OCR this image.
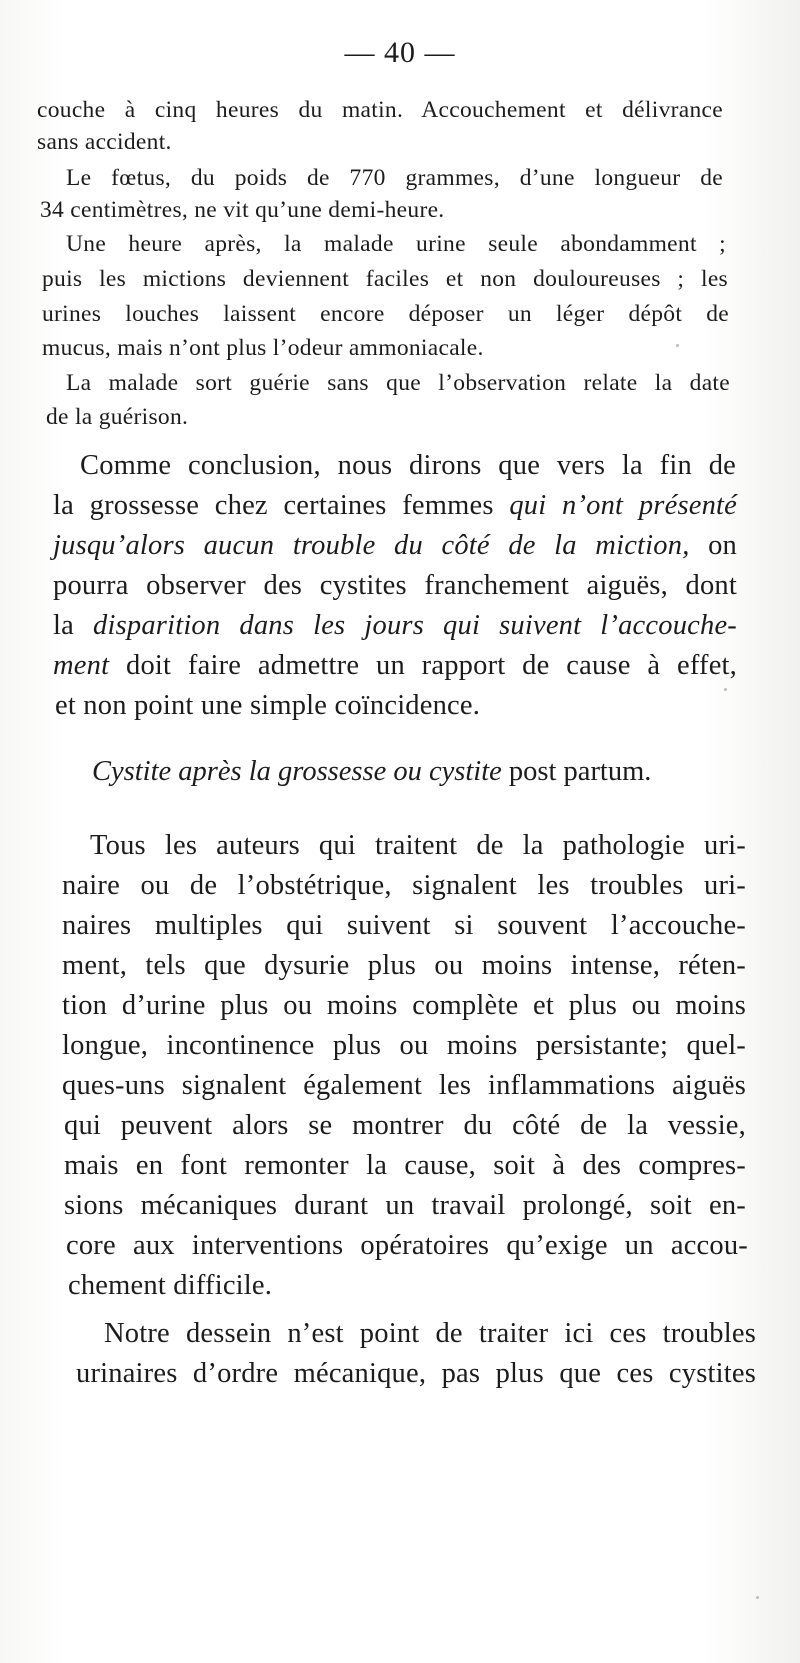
— 40 —
couche à cinq heures du matin. Accouchement et délivrance
sans accident.
Le fœtus, du poids de 770 grammes, d’une longueur de
34 centimètres, ne vit qu’une demi-heure.
Une heure après, la malade urine seule abondamment ;
puis les mictions deviennent faciles et non douloureuses ; les
urines louches laissent encore déposer un léger dépôt de
mucus, mais n’ont plus l’odeur ammoniacale.
La malade sort guérie sans que l’observation relate la date
de la guérison.
Comme conclusion, nous dirons que vers la fin de
la grossesse chez certaines femmes qui n’ont présenté
jusqu’alors aucun trouble du côté de la miction, on
pourra observer des cystites franchement aiguës, dont
la disparition dans les jours qui suivent l’accouche-
ment doit faire admettre un rapport de cause à effet,
et non point une simple coïncidence.
Cystite après la grossesse ou cystite post partum.
Tous les auteurs qui traitent de la pathologie uri-
naire ou de l’obstétrique, signalent les troubles uri-
naires multiples qui suivent si souvent l’accouche-
ment, tels que dysurie plus ou moins intense, réten-
tion d’urine plus ou moins complète et plus ou moins
longue, incontinence plus ou moins persistante; quel-
ques-uns signalent également les inflammations aiguës
qui peuvent alors se montrer du côté de la vessie,
mais en font remonter la cause, soit à des compres-
sions mécaniques durant un travail prolongé, soit en-
core aux interventions opératoires qu’exige un accou-
chement difficile.
Notre dessein n’est point de traiter ici ces troubles
urinaires d’ordre mécanique, pas plus que ces cystites
